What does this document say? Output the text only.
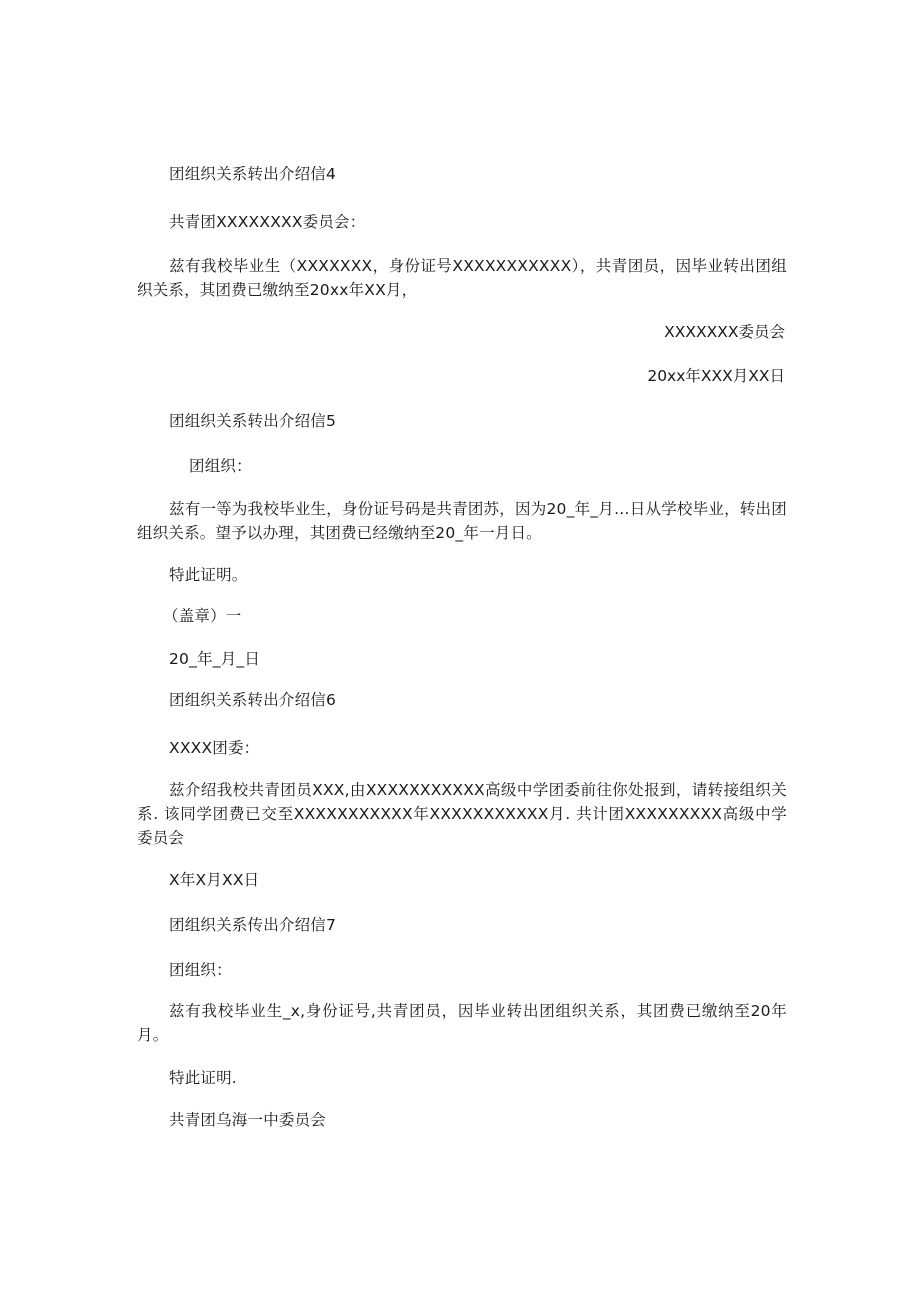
团组织关系转出介绍信4
共青团XXXXXXXX委员会：
兹有我校毕业生（XXXXXXX，身份证号XXXXXXXXXXX），共青团员，因毕业转出团组织关系，其团费已缴纳至20xx年XX月，
XXXXXXX委员会
20xx年XXX月XX日
团组织关系转出介绍信5
团组织：
兹有一等为我校毕业生，身份证号码是共青团苏，因为20_年_月…日从学校毕业，转出团组织关系。望予以办理，其团费已经缴纳至20_年一月日。
特此证明。
（盖章）一
20_年_月_日
团组织关系转出介绍信6
XXXX团委：
兹介绍我校共青团员XXX,由XXXXXXXXXXX高级中学团委前往你处报到，请转接组织关系. 该同学团费已交至XXXXXXXXXXX年XXXXXXXXXXX月. 共计团XXXXXXXXX高级中学委员会
X年X月XX日
团组织关系传出介绍信7
团组织：
兹有我校毕业生_x,身份证号,共青团员，因毕业转出团组织关系，其团费已缴纳至20年月。
特此证明.
共青团乌海一中委员会
